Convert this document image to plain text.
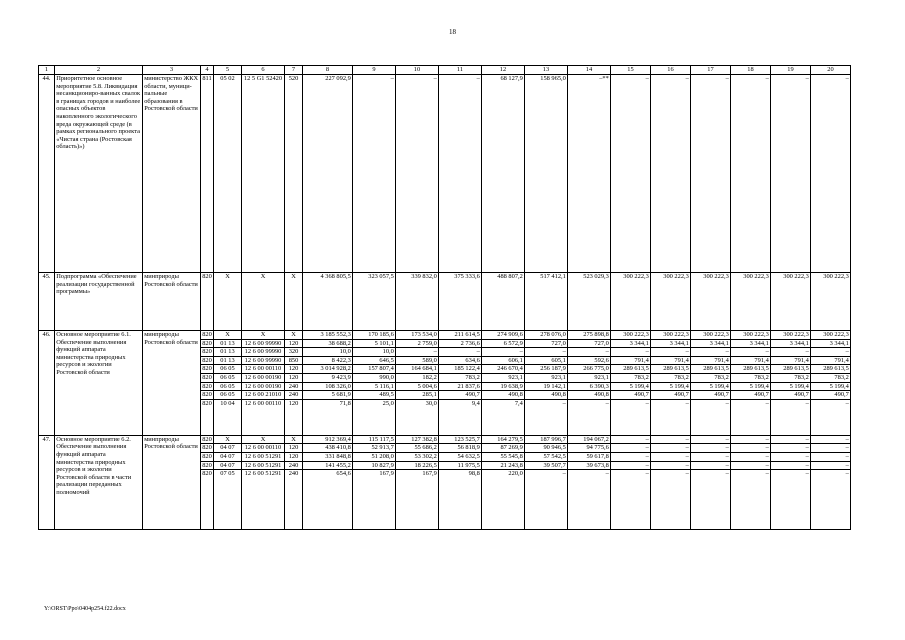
18
1	2	3	4	5	6	7	8	9	10	11	12	13	14	15	16	17	18	19	20
44.	Приоритетное основное мероприятие 5.8. Ликвидация несанкциониро-ванных свалок в границах городов и наиболее опасных объектов накопленного экологического вреда окружающей среде (в рамках регионального проекта «Чистая страна (Ростовская область)»)	министерство ЖКХ области, муници-пальные образования в Ростовской области	811	05 02	12 5 G1 52420	520	227 092,9	–	–	–	68 127,9	158 965,0	–**	–	–	–	–	–	–
45.	Подпрограмма «Обеспечение реализации государственной программы»	минприроды Ростовской области	820	Х	Х	Х	4 368 805,5	323 057,5	339 832,0	375 333,6	488 807,2	517 412,1	523 029,3	300 222,3	300 222,3	300 222,3	300 222,3	300 222,3	300 222,3
46.	Основное мероприятие 6.1. Обеспечение выполнения функций аппарата министерства природных ресурсов и экологии Ростовской области	минприроды Ростовской области	820	Х	Х	Х	3 185 552,3	170 185,6	173 534,0	211 614,5	274 909,6	278 076,0	275 898,8	300 222,3	300 222,3	300 222,3	300 222,3	300 222,3	300 222,3
			820	01 13	12 6 00 99990	120	38 688,2	5 101,1	2 759,0	2 736,6	6 572,9	727,0	727,0	3 344,1	3 344,1	3 344,1	3 344,1	3 344,1	3 344,1
			820	01 13	12 6 00 99990	320	10,0	10,0	–	–	–	–	–	–	–	–	–	–	–
			820	01 13	12 6 00 99990	850	8 422,3	646,5	589,0	634,6	606,1	605,1	592,6	791,4	791,4	791,4	791,4	791,4	791,4
			820	06 05	12 6 00 00110	120	3 014 928,2	157 807,4	164 684,1	185 122,4	246 670,4	256 187,9	266 775,0	289 613,5	289 613,5	289 613,5	289 613,5	289 613,5	289 613,5
			820	06 05	12 6 00 00190	120	9 423,9	990,0	182,2	783,2	923,1	923,1	923,1	783,2	783,2	783,2	783,2	783,2	783,2
			820	06 05	12 6 00 00190	240	108 326,0	5 116,1	5 004,6	21 837,6	19 638,9	19 142,1	6 390,3	5 199,4	5 199,4	5 199,4	5 199,4	5 199,4	5 199,4
			820	06 05	12 6 00 21010	240	5 681,9	489,5	285,1	490,7	490,8	490,8	490,8	490,7	490,7	490,7	490,7	490,7	490,7
			820	10 04	12 6 00 00110	120	71,8	25,0	30,0	9,4	7,4	–	–	–	–	–	–	–	–
47.	Основное мероприятие 6.2. Обеспечение выполнения функций аппарата министерства природных ресурсов и экологии Ростовской области в части реализации переданных полномочий	минприроды Ростовской области	820	Х	Х	Х	912 369,4	115 117,5	127 382,8	123 525,7	164 279,5	187 996,7	194 067,2	–	–	–	–	–	–
			820	04 07	12 6 00 00110	120	438 410,8	52 913,7	55 686,2	56 818,9	87 269,9	90 946,5	94 775,6	–	–	–	–	–	–
			820	04 07	12 6 00 51291	120	331 848,8	51 208,0	53 302,2	54 632,5	55 545,8	57 542,5	59 617,8	–	–	–	–	–	–
			820	04 07	12 6 00 51291	240	141 455,2	10 827,9	18 226,5	11 975,5	21 243,8	39 507,7	39 673,8	–	–	–	–	–	–
			820	07 05	12 6 00 51291	240	654,6	167,9	167,9	98,8	220,0	–	–	–	–	–	–	–	–
Y:\ORST\Ppo\0404p254.f22.docx
